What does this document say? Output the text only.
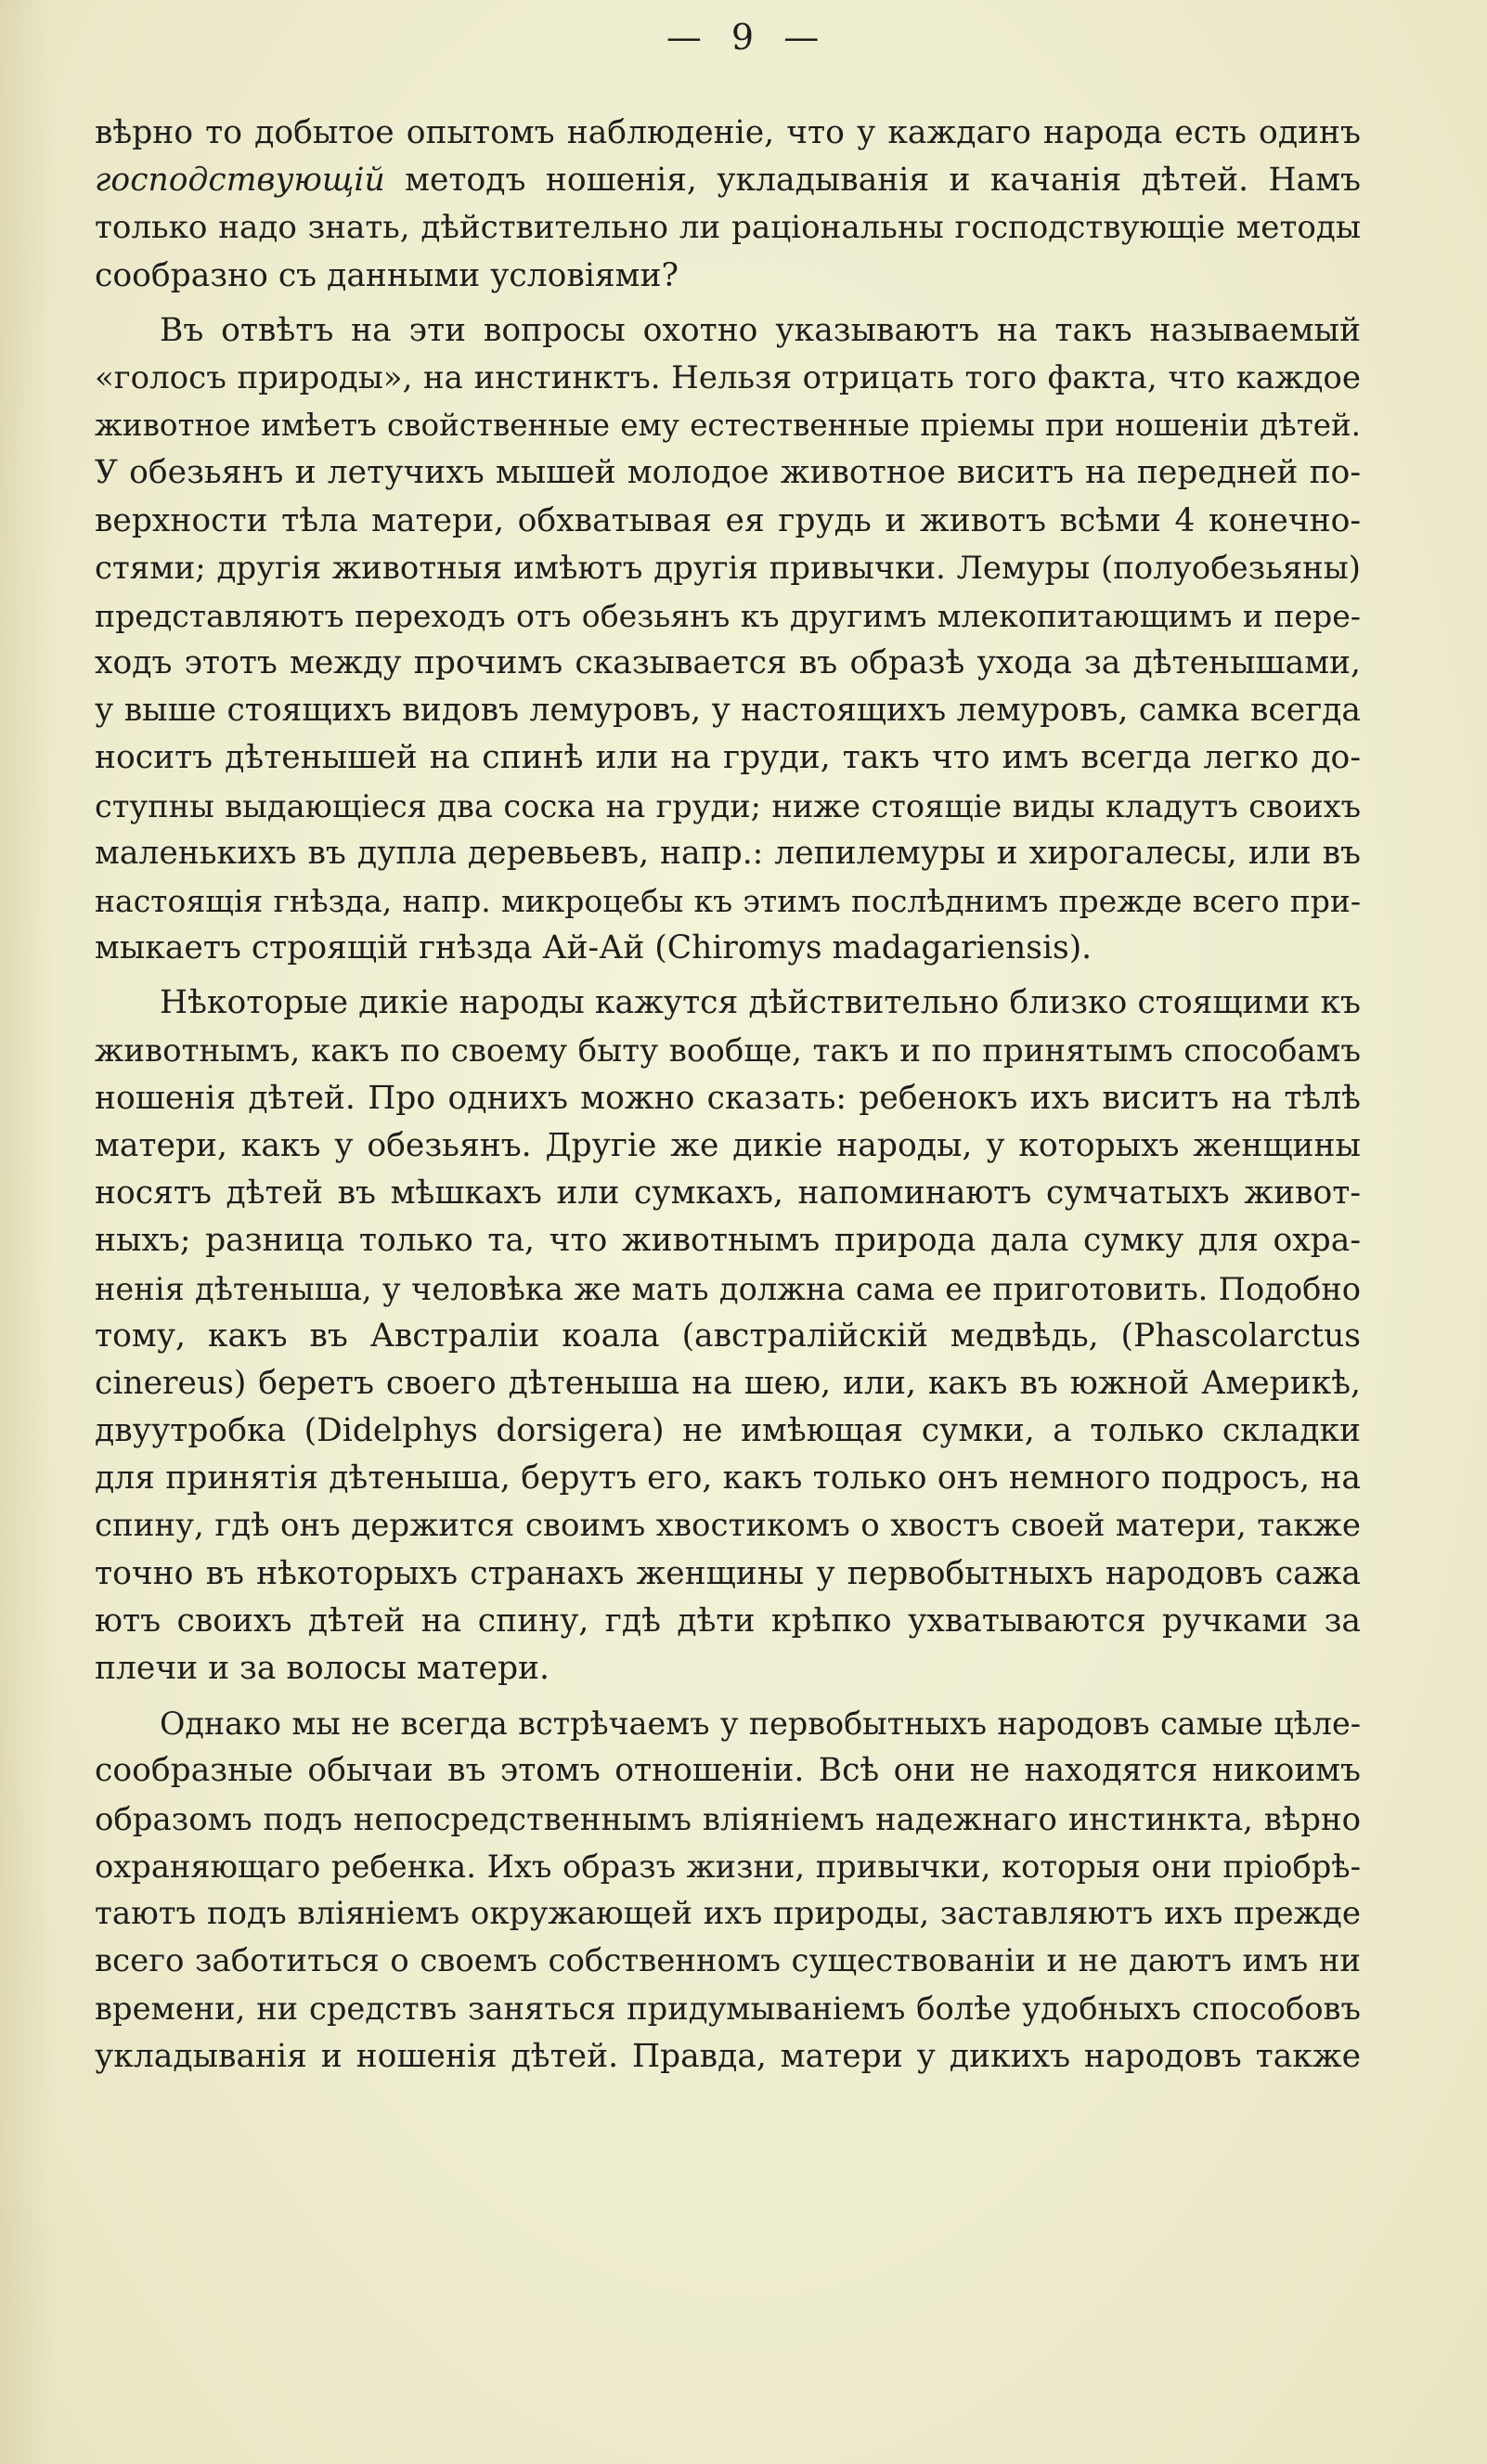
— 9 —
вѣрно то добытое опытомъ наблюденіе, что у каждаго народа есть одинъ
господствующій методъ ношенія, укладыванія и качанія дѣтей. Намъ
только надо знать, дѣйствительно ли раціональны господствующіе методы
сообразно съ данными условіями?
Въ отвѣтъ на эти вопросы охотно указываютъ на такъ называемый
«голосъ природы», на инстинктъ. Нельзя отрицать того факта, что каждое
животное имѣетъ свойственные ему естественные пріемы при ношеніи дѣтей.
У обезьянъ и летучихъ мышей молодое животное виситъ на передней по-
верхности тѣла матери, обхватывая ея грудь и животъ всѣми 4 конечно-
стями; другія животныя имѣютъ другія привычки. Лемуры (полуобезьяны)
представляютъ переходъ отъ обезьянъ къ другимъ млекопитающимъ и пере-
ходъ этотъ между прочимъ сказывается въ образѣ ухода за дѣтенышами,
у выше стоящихъ видовъ лемуровъ, у настоящихъ лемуровъ, самка всегда
носитъ дѣтенышей на спинѣ или на груди, такъ что имъ всегда легко до-
ступны выдающіеся два соска на груди; ниже стоящіе виды кладутъ своихъ
маленькихъ въ дупла деревьевъ, напр.: лепилемуры и хирогалесы, или въ
настоящія гнѣзда, напр. микроцебы къ этимъ послѣднимъ прежде всего при-
мыкаетъ строящій гнѣзда Ай-Ай (Chiromys madagariensis).
Нѣкоторые дикіе народы кажутся дѣйствительно близко стоящими къ
животнымъ, какъ по своему быту вообще, такъ и по принятымъ способамъ
ношенія дѣтей. Про однихъ можно сказать: ребенокъ ихъ виситъ на тѣлѣ
матери, какъ у обезьянъ. Другіе же дикіе народы, у которыхъ женщины
носятъ дѣтей въ мѣшкахъ или сумкахъ, напоминаютъ сумчатыхъ живот-
ныхъ; разница только та, что животнымъ природа дала сумку для охра-
ненія дѣтеныша, у человѣка же мать должна сама ее приготовить. Подобно
тому, какъ въ Австраліи коала (австралійскій медвѣдь, (Phascolarctus
cinereus) беретъ своего дѣтеныша на шею, или, какъ въ южной Америкѣ,
двуутробка (Didelphys dorsigera) не имѣющая сумки, а только складки
для принятія дѣтеныша, берутъ его, какъ только онъ немного подросъ, на
спину, гдѣ онъ держится своимъ хвостикомъ о хвостъ своей матери, также
точно въ нѣкоторыхъ странахъ женщины у первобытныхъ народовъ сажа
ютъ своихъ дѣтей на спину, гдѣ дѣти крѣпко ухватываются ручками за
плечи и за волосы матери.
Однако мы не всегда встрѣчаемъ у первобытныхъ народовъ самые цѣле-
сообразные обычаи въ этомъ отношеніи. Всѣ они не находятся никоимъ
образомъ подъ непосредственнымъ вліяніемъ надежнаго инстинкта, вѣрно
охраняющаго ребенка. Ихъ образъ жизни, привычки, которыя они пріобрѣ-
таютъ подъ вліяніемъ окружающей ихъ природы, заставляютъ ихъ прежде
всего заботиться о своемъ собственномъ существованіи и не даютъ имъ ни
времени, ни средствъ заняться придумываніемъ болѣе удобныхъ способовъ
укладыванія и ношенія дѣтей. Правда, матери у дикихъ народовъ также
